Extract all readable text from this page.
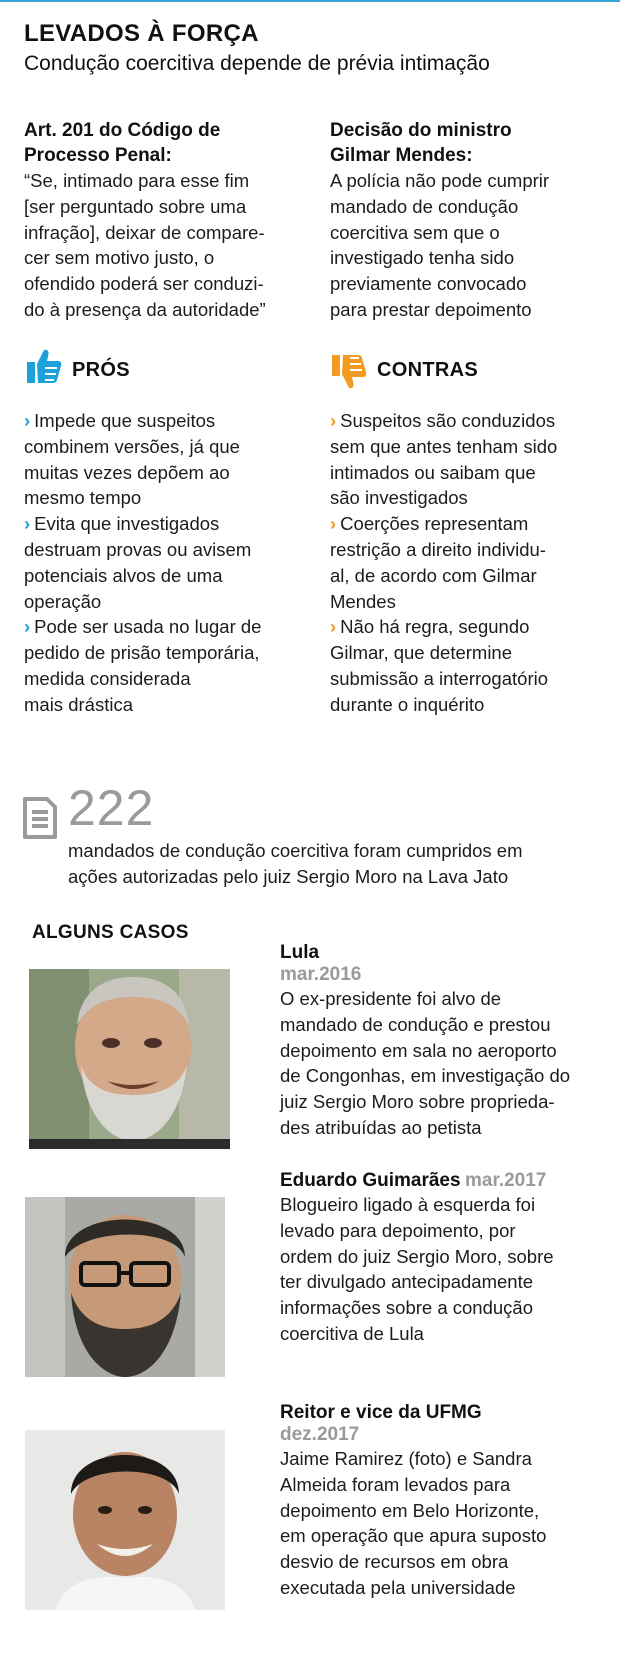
LEVADOS À FORÇA
Condução coercitiva depende de prévia intimação
Art. 201 do Código de
Processo Penal:
“Se, intimado para esse fim
[ser perguntado sobre uma
infração], deixar de compare-
cer sem motivo justo, o
ofendido poderá ser conduzi-
do à presença da autoridade”
Decisão do ministro
Gilmar Mendes:
A polícia não pode cumprir
mandado de condução
coercitiva sem que o
investigado tenha sido
previamente convocado
para prestar depoimento
PRÓS	CONTRAS
› Impede que suspeitos
combinem versões, já que
muitas vezes depõem ao
mesmo tempo
› Evita que investigados
destruam provas ou avisem
potenciais alvos de uma
operação
› Pode ser usada no lugar de
pedido de prisão temporária,
medida considerada
mais drástica
› Suspeitos são conduzidos
sem que antes tenham sido
intimados ou saibam que
são investigados
› Coerções representam
restrição a direito individu-
al, de acordo com Gilmar
Mendes
› Não há regra, segundo
Gilmar, que determine
submissão a interrogatório
durante o inquérito
222
mandados de condução coercitiva foram cumpridos em
ações autorizadas pelo juiz Sergio Moro na Lava Jato
ALGUNS CASOS
Lula
mar.2016
O ex-presidente foi alvo de
mandado de condução e prestou
depoimento em sala no aeroporto
de Congonhas, em investigação do
juiz Sergio Moro sobre proprieda-
des atribuídas ao petista
Eduardo Guimarães mar.2017
Blogueiro ligado à esquerda foi
levado para depoimento, por
ordem do juiz Sergio Moro, sobre
ter divulgado antecipadamente
informações sobre a condução
coercitiva de Lula
Reitor e vice da UFMG
dez.2017
Jaime Ramirez (foto) e Sandra
Almeida foram levados para
depoimento em Belo Horizonte,
em operação que apura suposto
desvio de recursos em obra
executada pela universidade
